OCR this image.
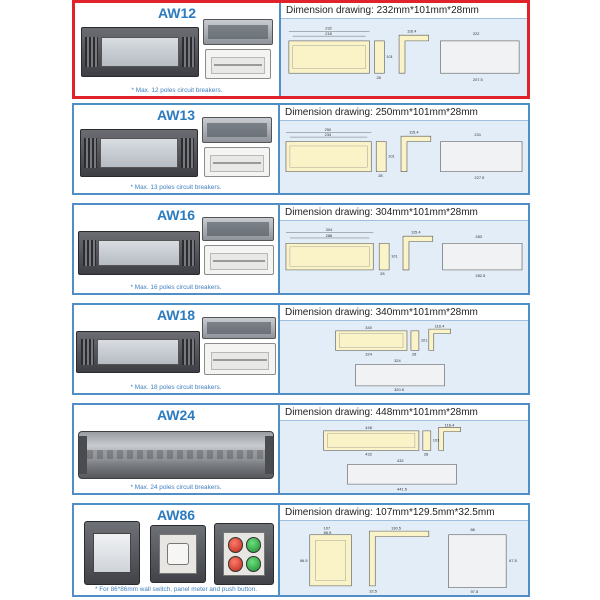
AW12
* Max. 12 poles circuit breakers.
Dimension drawing: 232mm*101mm*28mm
232
218
116.4
101
28
222
207.5
AW13
* Max. 13 poles circuit breakers.
Dimension drawing: 250mm*101mm*28mm
250
234
115.4
101
28
231
227.5
AW16
* Max. 16 poles circuit breakers.
Dimension drawing: 304mm*101mm*28mm
304
288
115.4
101
28
283
282.5
AW18
* Max. 18 poles circuit breakers.
Dimension drawing: 340mm*101mm*28mm
340
324
116.4
101
28
324
320.5
AW24
* Max. 24 poles circuit breakers.
Dimension drawing: 448mm*101mm*28mm
448
432
116.4
101
28
432
441.5
AW86
* For 86*86mm wall switch, panel meter and push button.
Dimension drawing: 107mm*129.5mm*32.5mm
107
86.5
130.5
96.5
32.5
88
97.5
67.5
